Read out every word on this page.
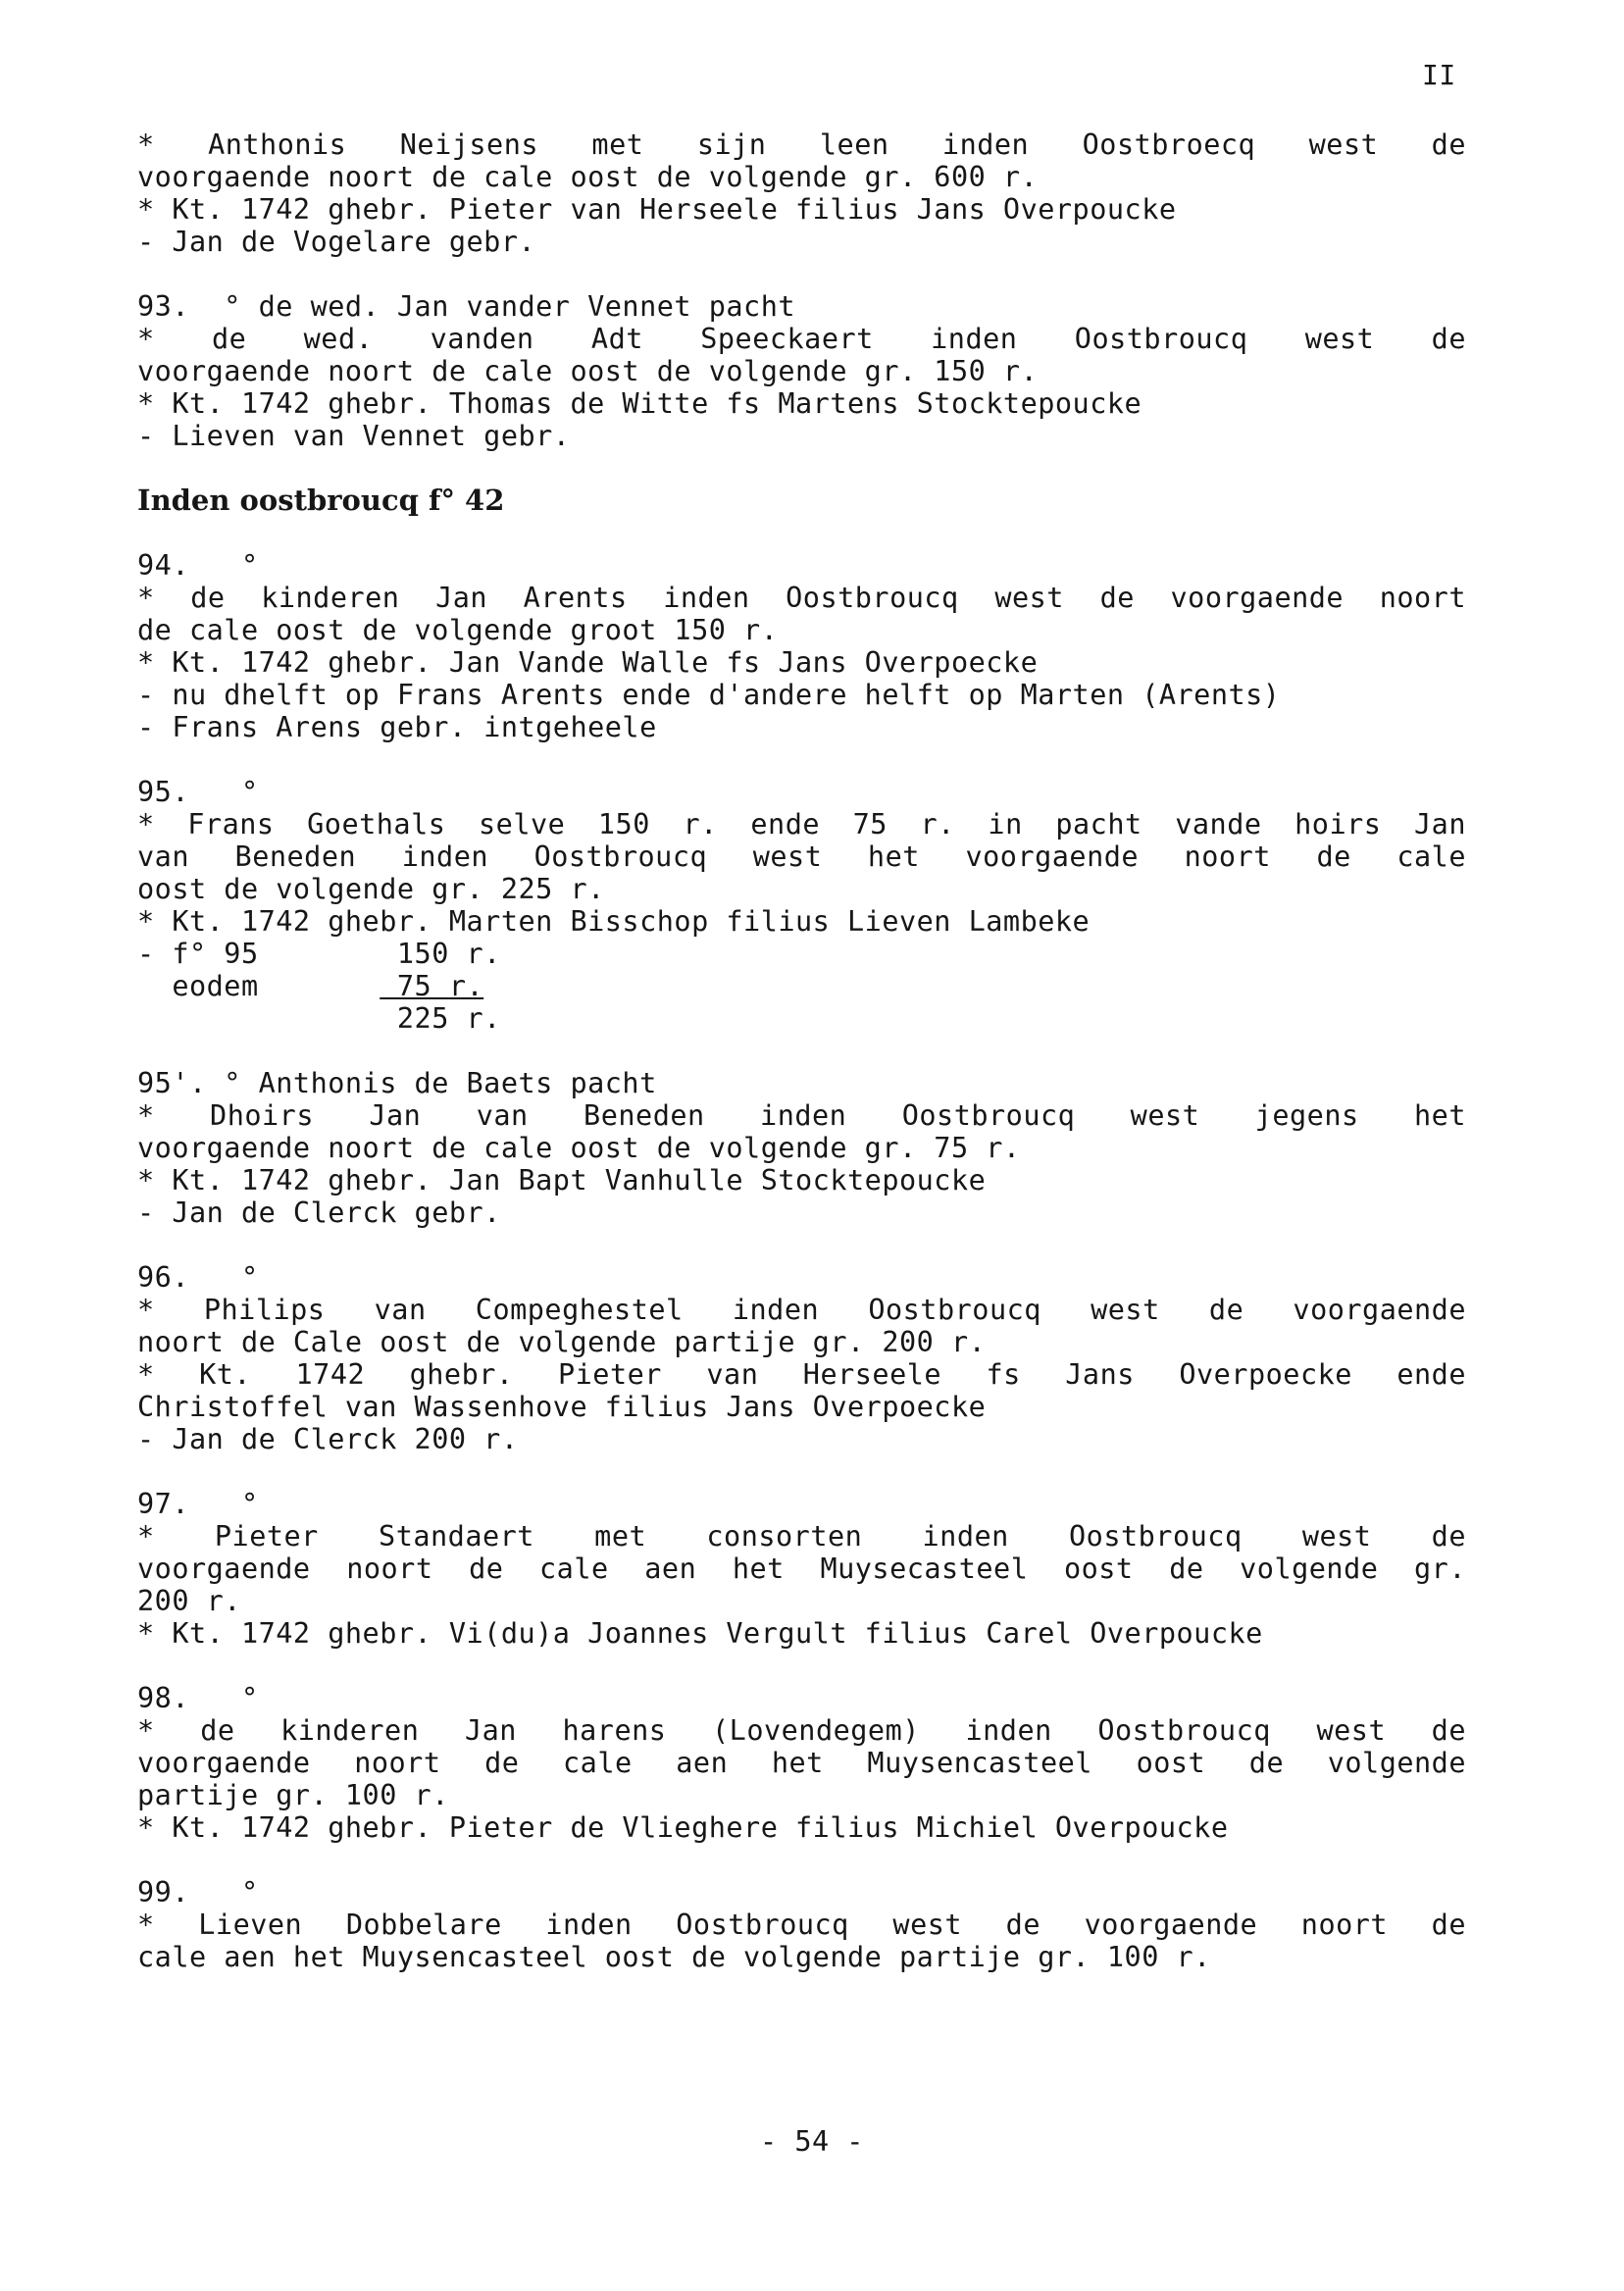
II
* Anthonis Neijsens met sijn leen inden Oostbroecq west de
voorgaende noort de cale oost de volgende gr. 600 r.
* Kt. 1742 ghebr. Pieter van Herseele filius Jans Overpoucke
- Jan de Vogelare gebr.
93.  ° de wed. Jan vander Vennet pacht
* de wed. vanden Adt Speeckaert inden Oostbroucq west de
voorgaende noort de cale oost de volgende gr. 150 r.
* Kt. 1742 ghebr. Thomas de Witte fs Martens Stocktepoucke
- Lieven van Vennet gebr.
Inden oostbroucq f° 42
94.   °
* de kinderen Jan Arents inden Oostbroucq west de voorgaende noort
de cale oost de volgende groot 150 r.
* Kt. 1742 ghebr. Jan Vande Walle fs Jans Overpoecke
- nu dhelft op Frans Arents ende d'andere helft op Marten (Arents)
- Frans Arens gebr. intgeheele
95.   °
* Frans Goethals selve 150 r. ende 75 r. in pacht vande hoirs Jan
van Beneden inden Oostbroucq west het voorgaende noort de cale
oost de volgende gr. 225 r.
* Kt. 1742 ghebr. Marten Bisschop filius Lieven Lambeke
- f° 95        150 r.
eodem	75 r.
225 r.
95'. ° Anthonis de Baets pacht
* Dhoirs Jan van Beneden inden Oostbroucq west jegens het
voorgaende noort de cale oost de volgende gr. 75 r.
* Kt. 1742 ghebr. Jan Bapt Vanhulle Stocktepoucke
- Jan de Clerck gebr.
96.   °
* Philips van Compeghestel inden Oostbroucq west de voorgaende
noort de Cale oost de volgende partije gr. 200 r.
* Kt. 1742 ghebr. Pieter van Herseele fs Jans Overpoecke ende
Christoffel van Wassenhove filius Jans Overpoecke
- Jan de Clerck 200 r.
97.   °
* Pieter Standaert met consorten inden Oostbroucq west de
voorgaende noort de cale aen het Muysecasteel oost de volgende gr.
200 r.
* Kt. 1742 ghebr. Vi(du)a Joannes Vergult filius Carel Overpoucke
98.   °
* de kinderen Jan harens (Lovendegem) inden Oostbroucq west de
voorgaende noort de cale aen het Muysencasteel oost de volgende
partije gr. 100 r.
* Kt. 1742 ghebr. Pieter de Vlieghere filius Michiel Overpoucke
99.   °
* Lieven Dobbelare inden Oostbroucq west de voorgaende noort de
cale aen het Muysencasteel oost de volgende partije gr. 100 r.
- 54 -
